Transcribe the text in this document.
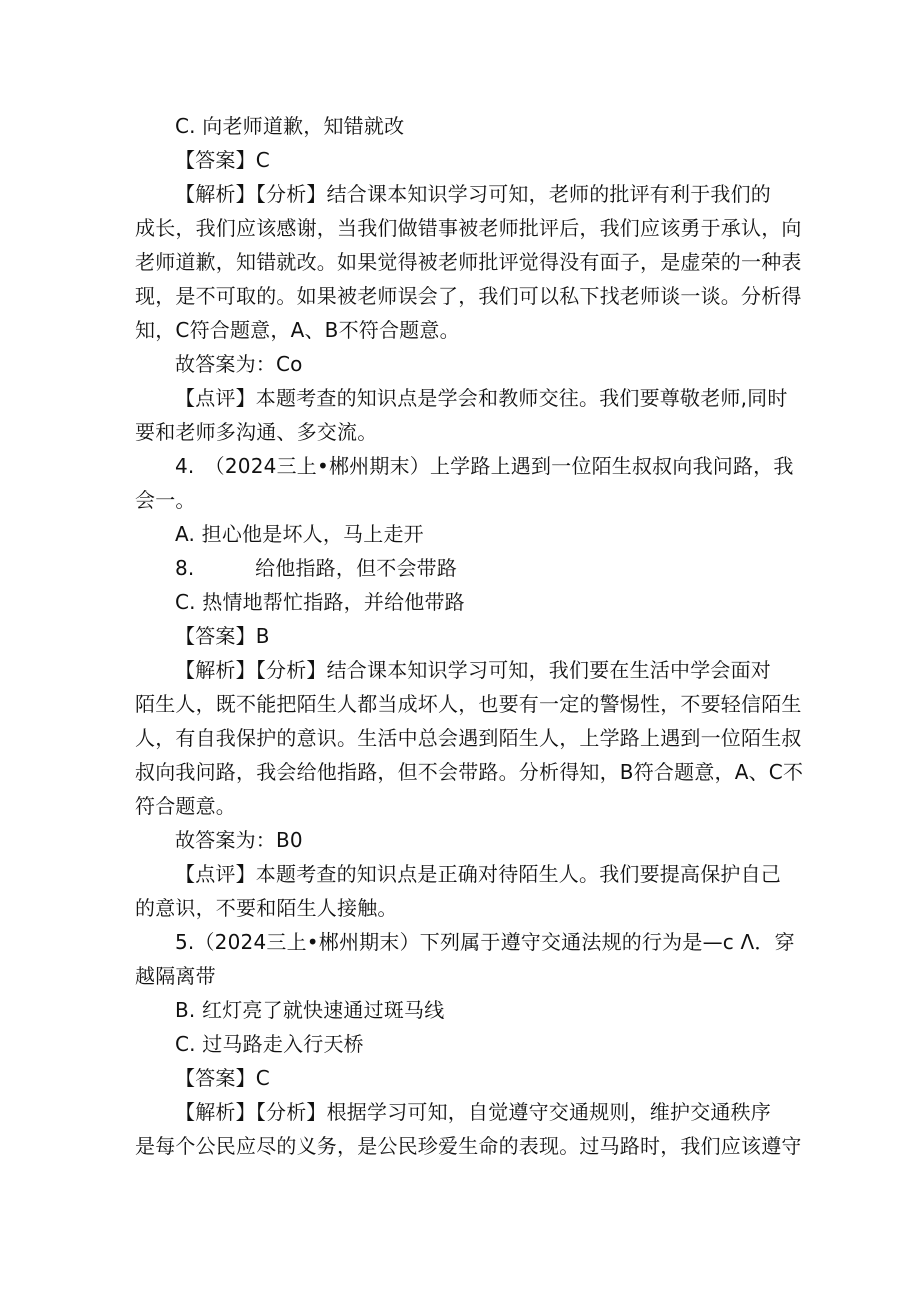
C. 向老师道歉，知错就改
【答案】C
【解析】【分析】结合课本知识学习可知，老师的批评有利于我们的
成长，我们应该感谢，当我们做错事被老师批评后，我们应该勇于承认，向
老师道歉，知错就改。如果觉得被老师批评觉得没有面子，是虚荣的一种表
现，是不可取的。如果被老师误会了，我们可以私下找老师谈一谈。分析得
知，C符合题意，A、B不符合题意。
故答案为：Co
【点评】本题考查的知识点是学会和教师交往。我们要尊敬老师,同时
要和老师多沟通、多交流。
4.　（2024三上•郴州期末）上学路上遇到一位陌生叔叔向我问路，我
会一。
A. 担心他是坏人，马上走开
8.　　　给他指路，但不会带路
C. 热情地帮忙指路，并给他带路
【答案】B
【解析】【分析】结合课本知识学习可知，我们要在生活中学会面对
陌生人，既不能把陌生人都当成坏人，也要有一定的警惕性，不要轻信陌生
人，有自我保护的意识。生活中总会遇到陌生人，上学路上遇到一位陌生叔
叔向我问路，我会给他指路，但不会带路。分析得知，B符合题意，A、C不
符合题意。
故答案为：B0
【点评】本题考查的知识点是正确对待陌生人。我们要提高保护自己
的意识，不要和陌生人接触。
5.（2024三上•郴州期末）下列属于遵守交通法规的行为是—c Λ．穿
越隔离带
B. 红灯亮了就快速通过斑马线
C. 过马路走入行天桥
【答案】C
【解析】【分析】根据学习可知，自觉遵守交通规则，维护交通秩序
是每个公民应尽的义务，是公民珍爱生命的表现。过马路时，我们应该遵守
